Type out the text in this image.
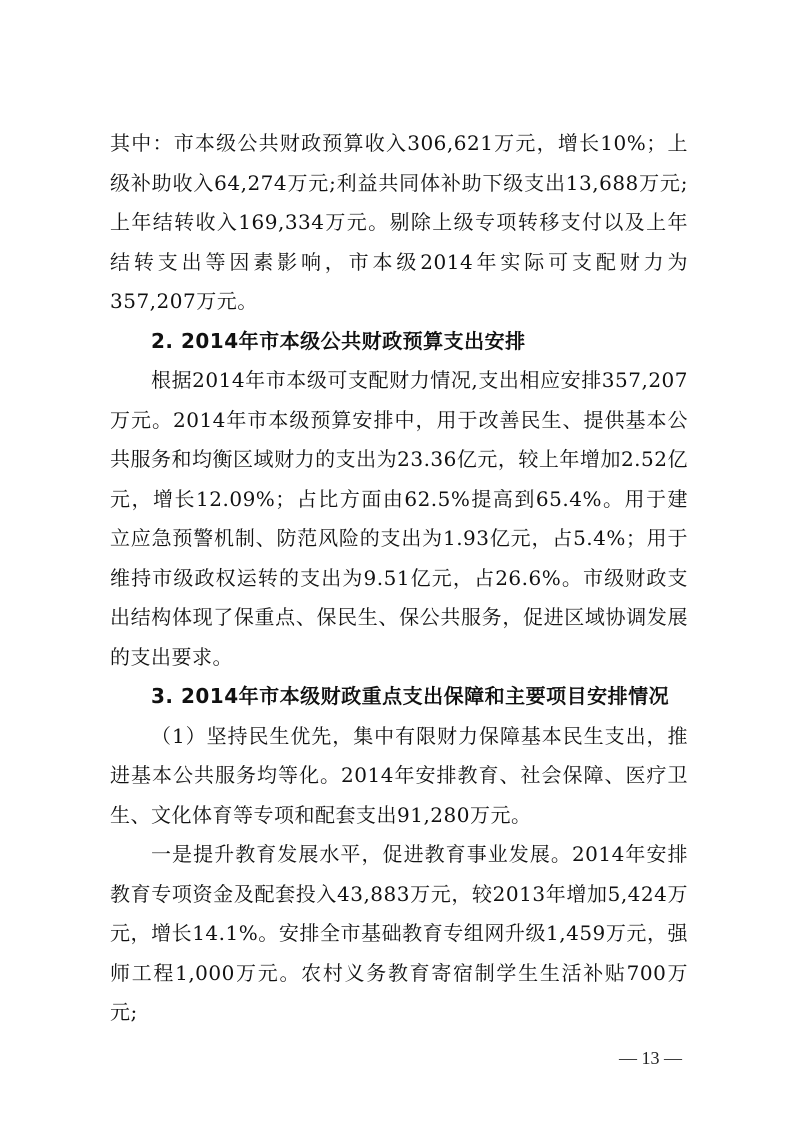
其中：市本级公共财政预算收入306,621万元，增长10%；上级补助收入64,274万元;利益共同体补助下级支出13,688万元;上年结转收入169,334万元。剔除上级专项转移支付以及上年结转支出等因素影响，市本级2014年实际可支配财力为357,207万元。

2. 2014年市本级公共财政预算支出安排

根据2014年市本级可支配财力情况,支出相应安排357,207万元。2014年市本级预算安排中，用于改善民生、提供基本公共服务和均衡区域财力的支出为23.36亿元，较上年增加2.52亿元，增长12.09%；占比方面由62.5%提高到65.4%。用于建立应急预警机制、防范风险的支出为1.93亿元，占5.4%；用于维持市级政权运转的支出为9.51亿元，占26.6%。市级财政支出结构体现了保重点、保民生、保公共服务，促进区域协调发展的支出要求。

3. 2014年市本级财政重点支出保障和主要项目安排情况

（1）坚持民生优先，集中有限财力保障基本民生支出，推进基本公共服务均等化。2014年安排教育、社会保障、医疗卫生、文化体育等专项和配套支出91,280万元。

一是提升教育发展水平，促进教育事业发展。2014年安排教育专项资金及配套投入43,883万元，较2013年增加5,424万元，增长14.1%。安排全市基础教育专组网升级1,459万元，强师工程1,000万元。农村义务教育寄宿制学生生活补贴700万元;

— 13 —
